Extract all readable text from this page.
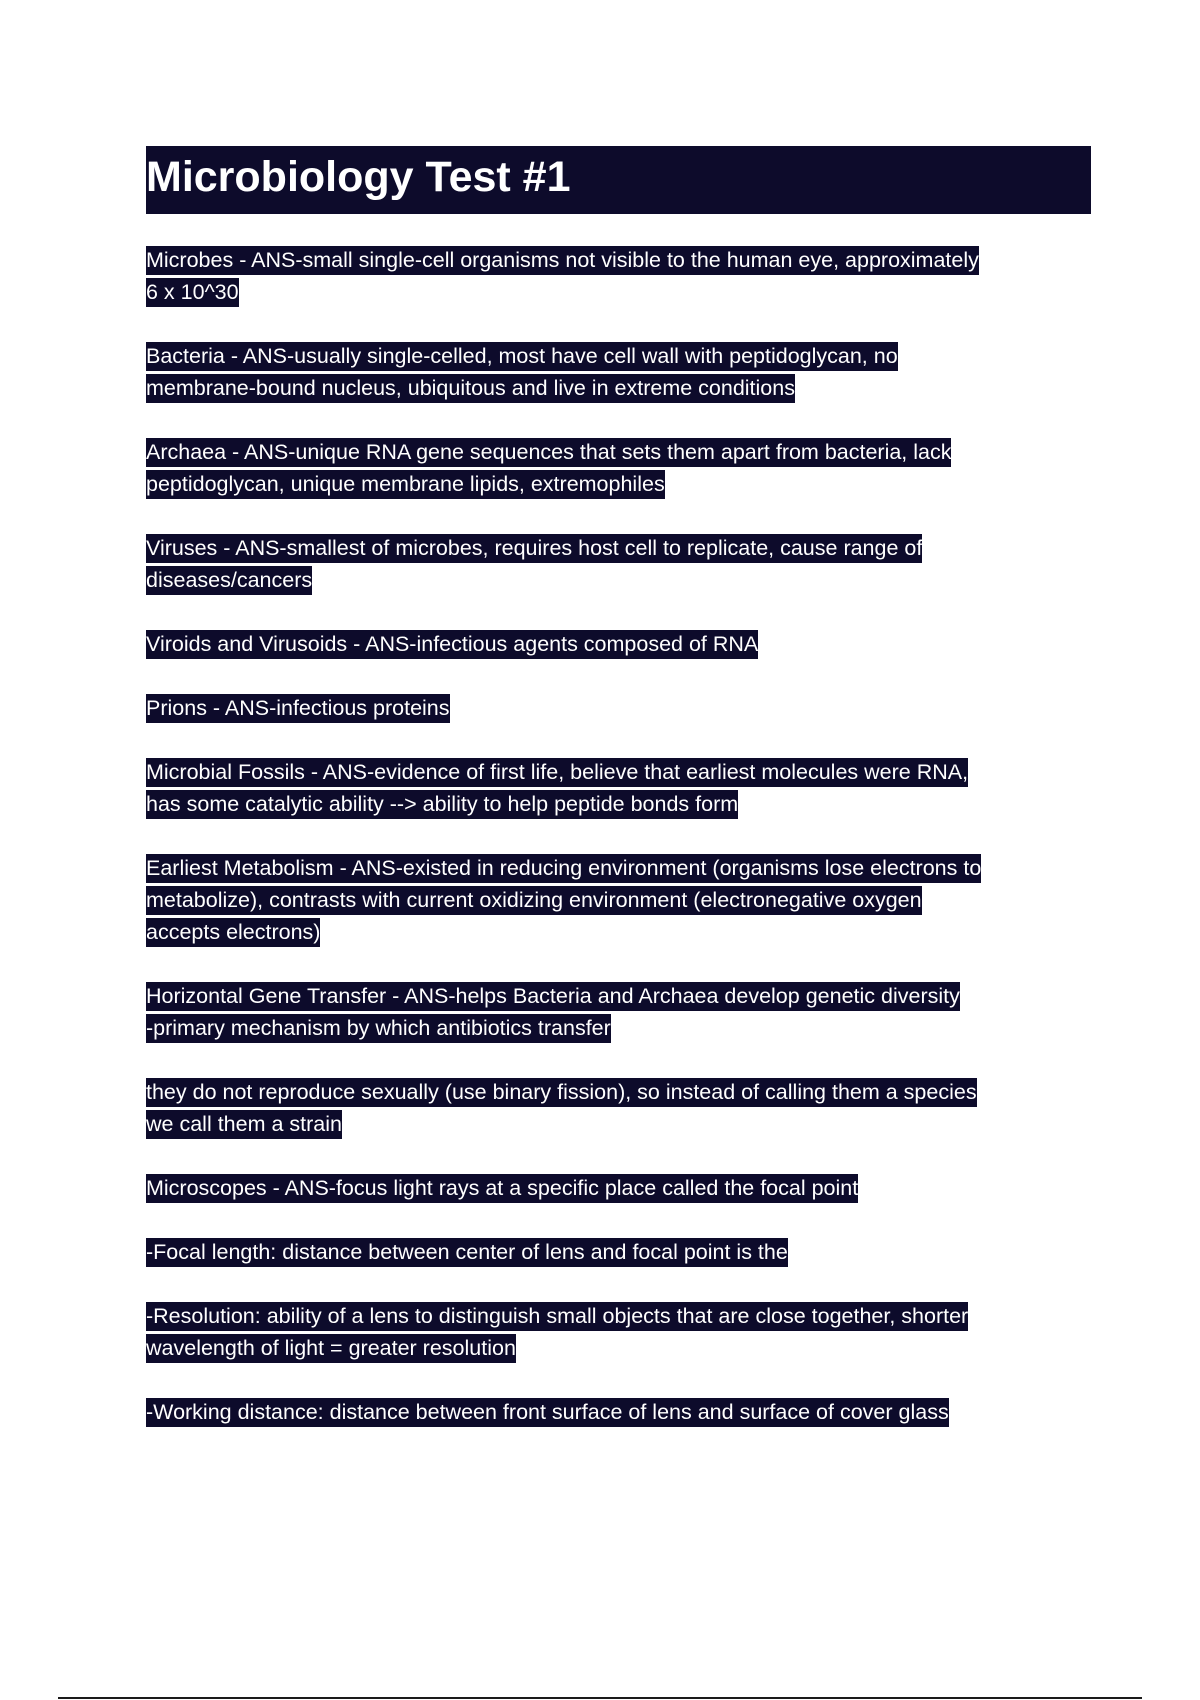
Microbiology Test #1

Microbes - ANS-small single-cell organisms not visible to the human eye, approximately
6 x 10^30

Bacteria - ANS-usually single-celled, most have cell wall with peptidoglycan, no
membrane-bound nucleus, ubiquitous and live in extreme conditions

Archaea - ANS-unique RNA gene sequences that sets them apart from bacteria, lack
peptidoglycan, unique membrane lipids, extremophiles

Viruses - ANS-smallest of microbes, requires host cell to replicate, cause range of
diseases/cancers

Viroids and Virusoids - ANS-infectious agents composed of RNA

Prions - ANS-infectious proteins

Microbial Fossils - ANS-evidence of first life, believe that earliest molecules were RNA,
has some catalytic ability --> ability to help peptide bonds form

Earliest Metabolism - ANS-existed in reducing environment (organisms lose electrons to
metabolize), contrasts with current oxidizing environment (electronegative oxygen
accepts electrons)

Horizontal Gene Transfer - ANS-helps Bacteria and Archaea develop genetic diversity
-primary mechanism by which antibiotics transfer

they do not reproduce sexually (use binary fission), so instead of calling them a species
we call them a strain

Microscopes - ANS-focus light rays at a specific place called the focal point

-Focal length: distance between center of lens and focal point is the

-Resolution: ability of a lens to distinguish small objects that are close together, shorter
wavelength of light = greater resolution

-Working distance: distance between front surface of lens and surface of cover glass
